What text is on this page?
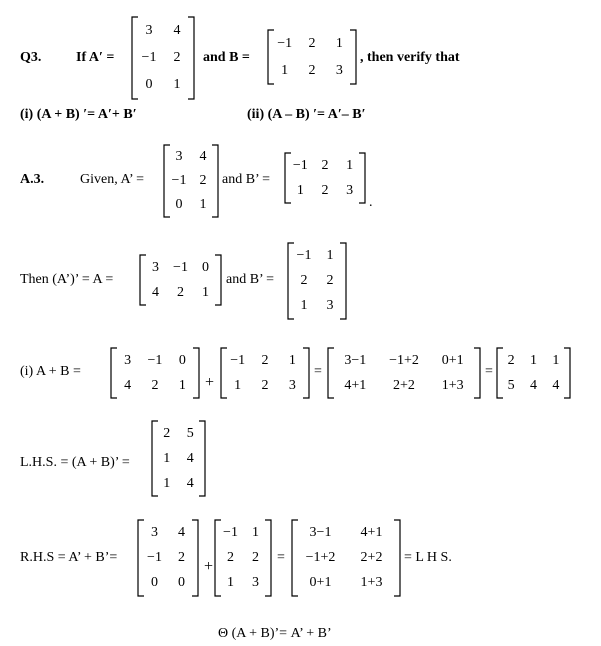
Q3. If A′ =
3	4
−1	2
0	1
and B =
−1	2	1
1	2	3
, then verify that
(i) (A + B) ′= A′+ B′	(ii) (A – B) ′= A′– B′
A.3.	Given, A’ =
3	4
−1 2
0	1
and B’ =
−1 2	1
1	2	3
.
Then (A’)’ = A =
3	−1	0
4	2	1
and B’ =
−1	1
2	2
1	3
(i) A + B =
3	−1	0
4	2	1	+
−1	2	1
1	2	3
=
3−1	−1+2	0+1
4+1	2+2	1+3
=
2	1	1
5	4	4
L.H.S. = (A + B)’ =
2	5
1	4
1	4
R.H.S = A’ + B’=
3	4
−1	2
0	0
+
−1	1
2	2
1	3
=
3−1	4+1
−1+2	2+2
0+1	1+3
= L H S.
Θ (A + B)’= A’ + B’
